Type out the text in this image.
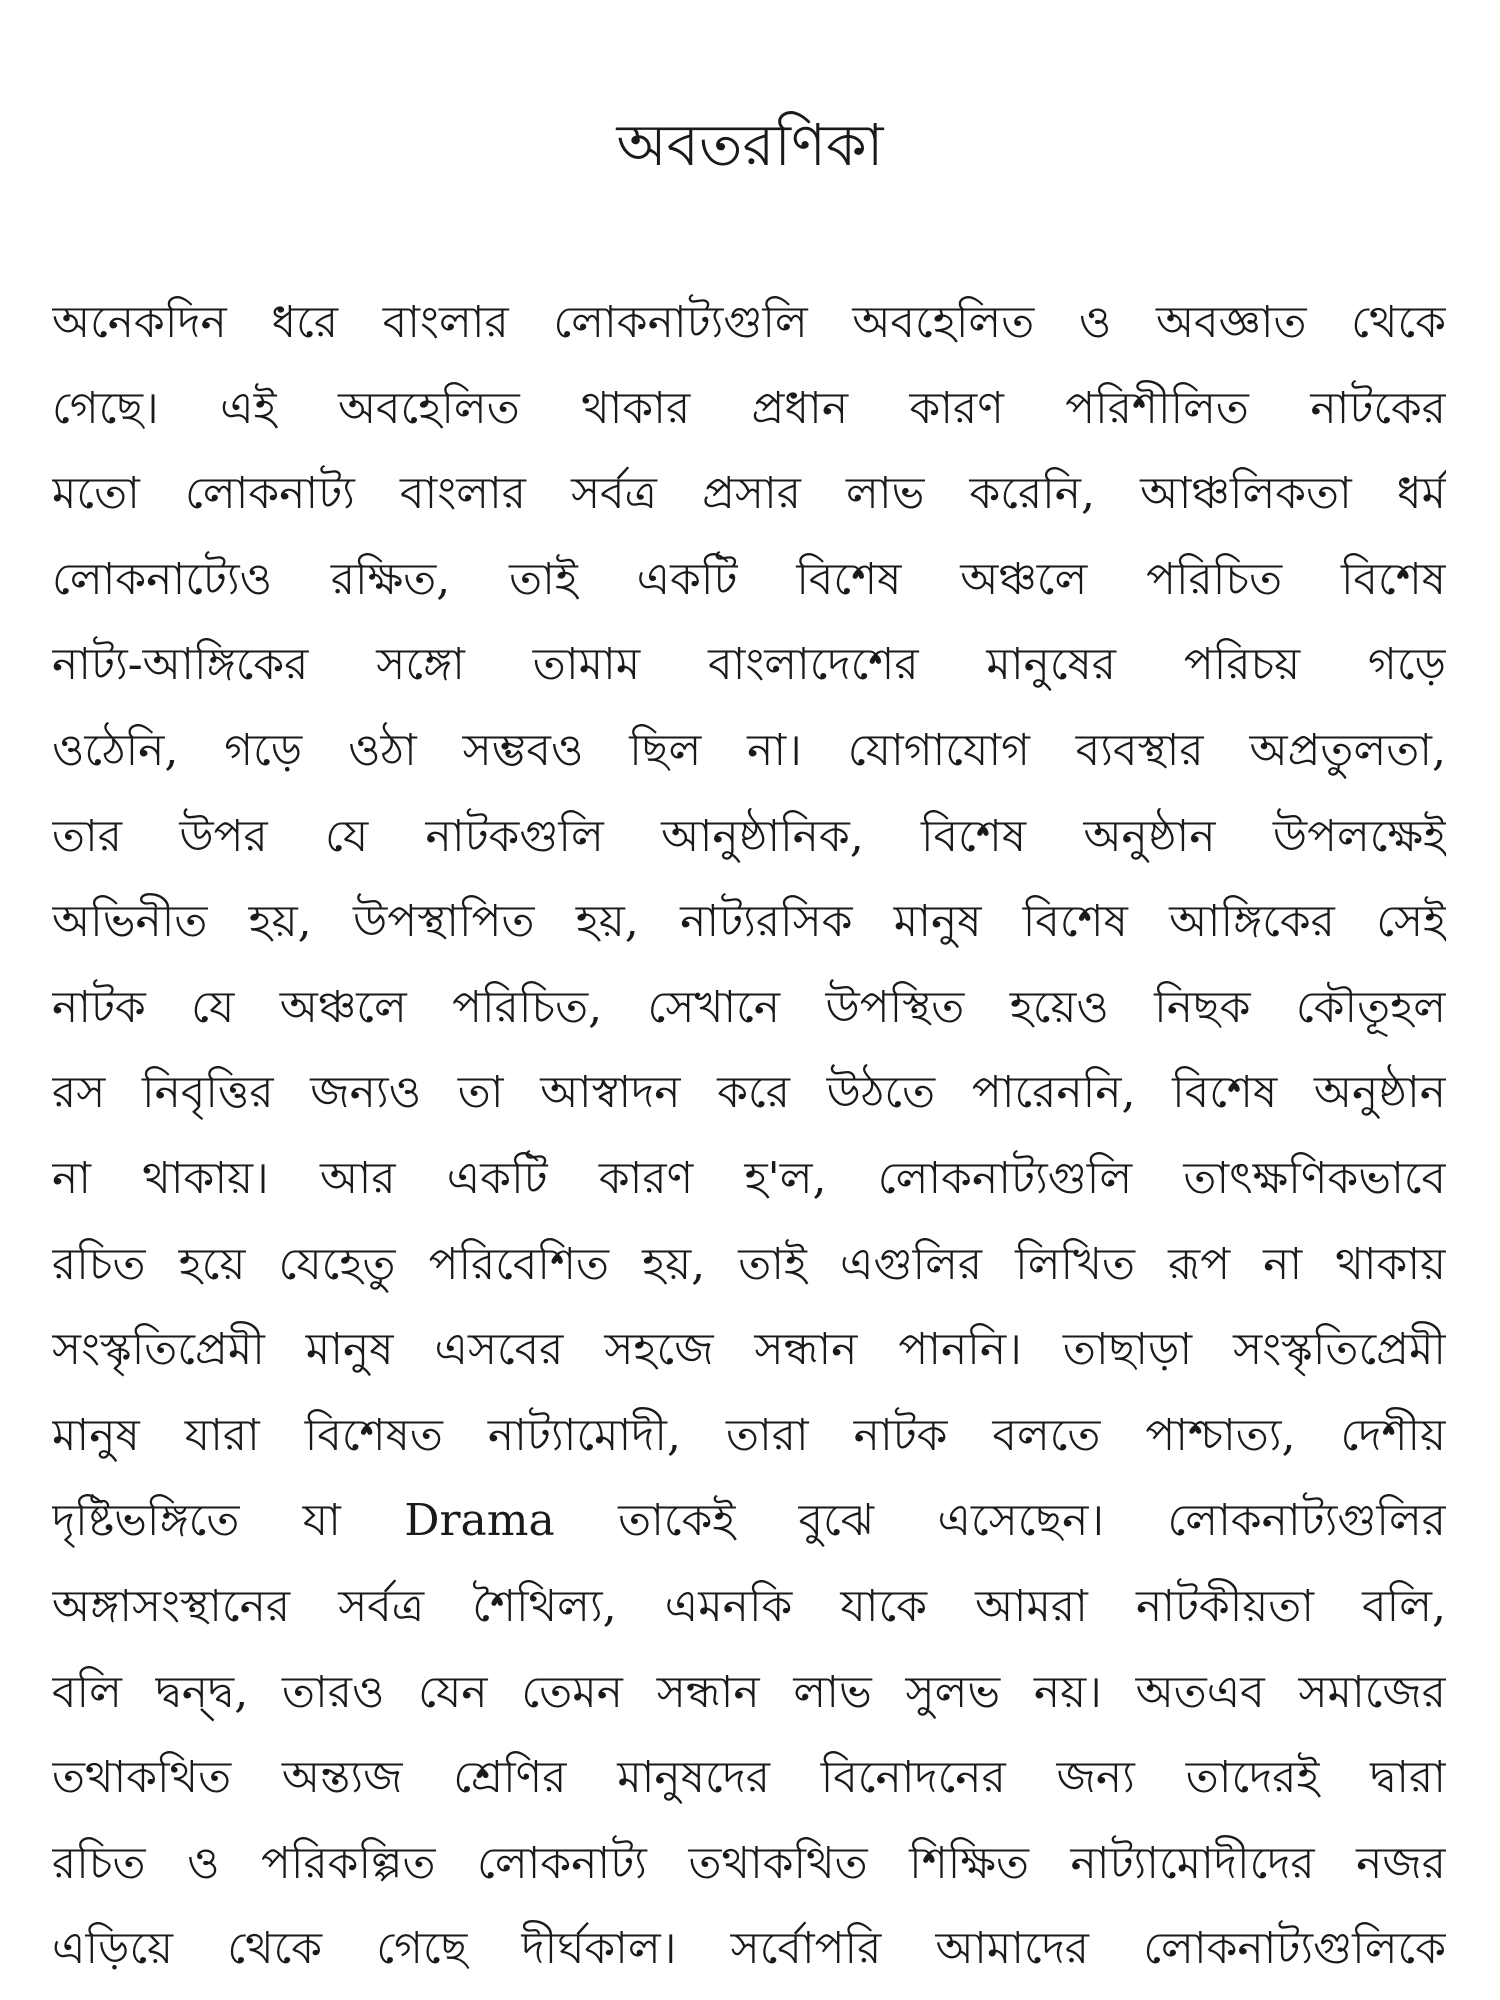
অবতরণিকা
অনেকদিন ধরে বাংলার লোকনাট্যগুলি অবহেলিত ও অবজ্ঞাত থেকে
গেছে। এই অবহেলিত থাকার প্রধান কারণ পরিশীলিত নাটকের
মতো লোকনাট্য বাংলার সর্বত্র প্রসার লাভ করেনি, আঞ্চলিকতা ধর্ম
লোকনাট্যেও রক্ষিত, তাই একটি বিশেষ অঞ্চলে পরিচিত বিশেষ
নাট্য-আঙ্গিকের সঙ্গো তামাম বাংলাদেশের মানুষের পরিচয় গড়ে
ওঠেনি, গড়ে ওঠা সম্ভবও ছিল না। যোগাযোগ ব্যবস্থার অপ্রতুলতা,
তার উপর যে নাটকগুলি আনুষ্ঠানিক, বিশেষ অনুষ্ঠান উপলক্ষেই
অভিনীত হয়, উপস্থাপিত হয়, নাট্যরসিক মানুষ বিশেষ আঙ্গিকের সেই
নাটক যে অঞ্চলে পরিচিত, সেখানে উপস্থিত হয়েও নিছক কৌতূহল
রস নিবৃত্তির জন্যও তা আস্বাদন করে উঠতে পারেননি, বিশেষ অনুষ্ঠান
না থাকায়। আর একটি কারণ হ'ল, লোকনাট্যগুলি তাৎক্ষণিকভাবে
রচিত হয়ে যেহেতু পরিবেশিত হয়, তাই এগুলির লিখিত রূপ না থাকায়
সংস্কৃতিপ্রেমী মানুষ এসবের সহজে সন্ধান পাননি। তাছাড়া সংস্কৃতিপ্রেমী
মানুষ যারা বিশেষত নাট্যামোদী, তারা নাটক বলতে পাশ্চাত্য, দেশীয়
দৃষ্টিভঙ্গিতে যা Drama তাকেই বুঝে এসেছেন। লোকনাট্যগুলির
অঙ্গাসংস্থানের সর্বত্র শৈথিল্য, এমনকি যাকে আমরা নাটকীয়তা বলি,
বলি দ্বন্দ্ব, তারও যেন তেমন সন্ধান লাভ সুলভ নয়। অতএব সমাজের
তথাকথিত অন্ত্যজ শ্রেণির মানুষদের বিনোদনের জন্য তাদেরই দ্বারা
রচিত ও পরিকল্পিত লোকনাট্য তথাকথিত শিক্ষিত নাট্যামোদীদের নজর
এড়িয়ে থেকে গেছে দীর্ঘকাল। সর্বোপরি আমাদের লোকনাট্যগুলিকে
